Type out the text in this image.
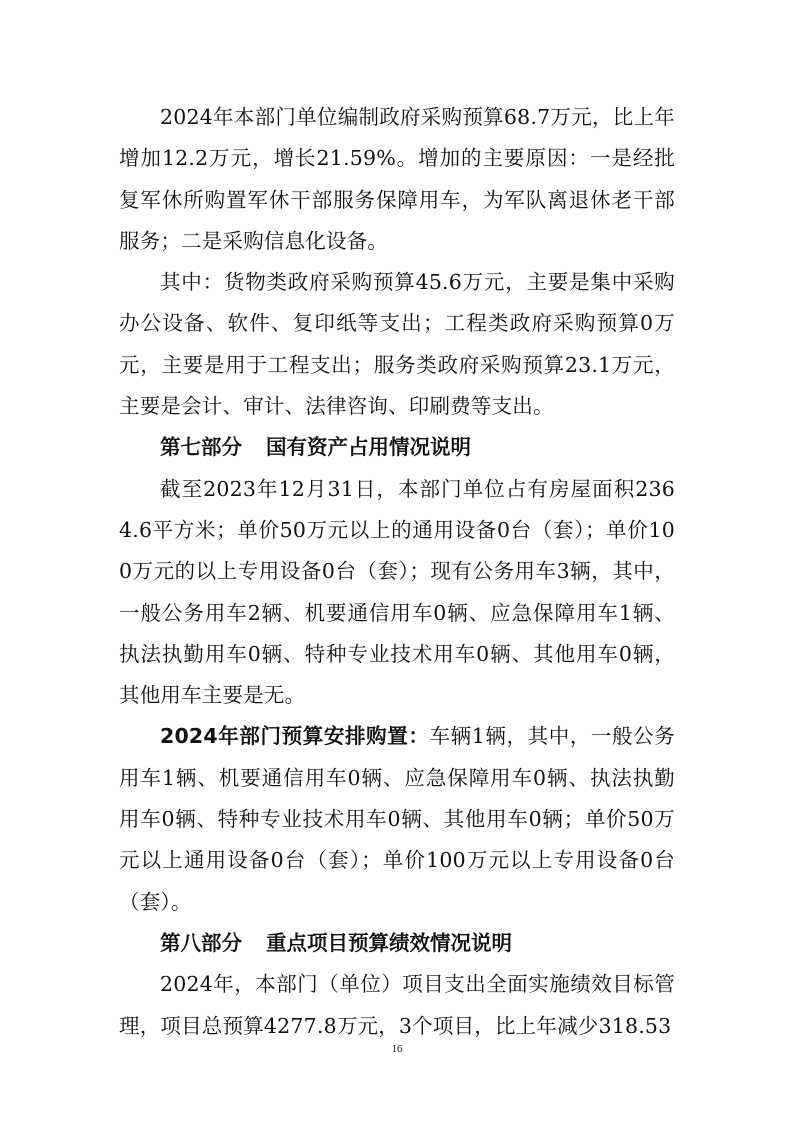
2024年本部门单位编制政府采购预算68.7万元，比上年增加12.2万元，增长21.59%。增加的主要原因：一是经批复军休所购置军休干部服务保障用车，为军队离退休老干部服务；二是采购信息化设备。

其中：货物类政府采购预算45.6万元，主要是集中采购办公设备、软件、复印纸等支出；工程类政府采购预算0万元，主要是用于工程支出；服务类政府采购预算23.1万元，主要是会计、审计、法律咨询、印刷费等支出。

第七部分 国有资产占用情况说明

截至2023年12月31日，本部门单位占有房屋面积2364.6平方米；单价50万元以上的通用设备0台（套）；单价100万元的以上专用设备0台（套）；现有公务用车3辆，其中，一般公务用车2辆、机要通信用车0辆、应急保障用车1辆、执法执勤用车0辆、特种专业技术用车0辆、其他用车0辆，其他用车主要是无。

2024年部门预算安排购置：车辆1辆，其中，一般公务用车1辆、机要通信用车0辆、应急保障用车0辆、执法执勤用车0辆、特种专业技术用车0辆、其他用车0辆；单价50万元以上通用设备0台（套）；单价100万元以上专用设备0台（套）。

第八部分 重点项目预算绩效情况说明

2024年，本部门（单位）项目支出全面实施绩效目标管理，项目总预算4277.8万元，3个项目，比上年减少318.53

16
